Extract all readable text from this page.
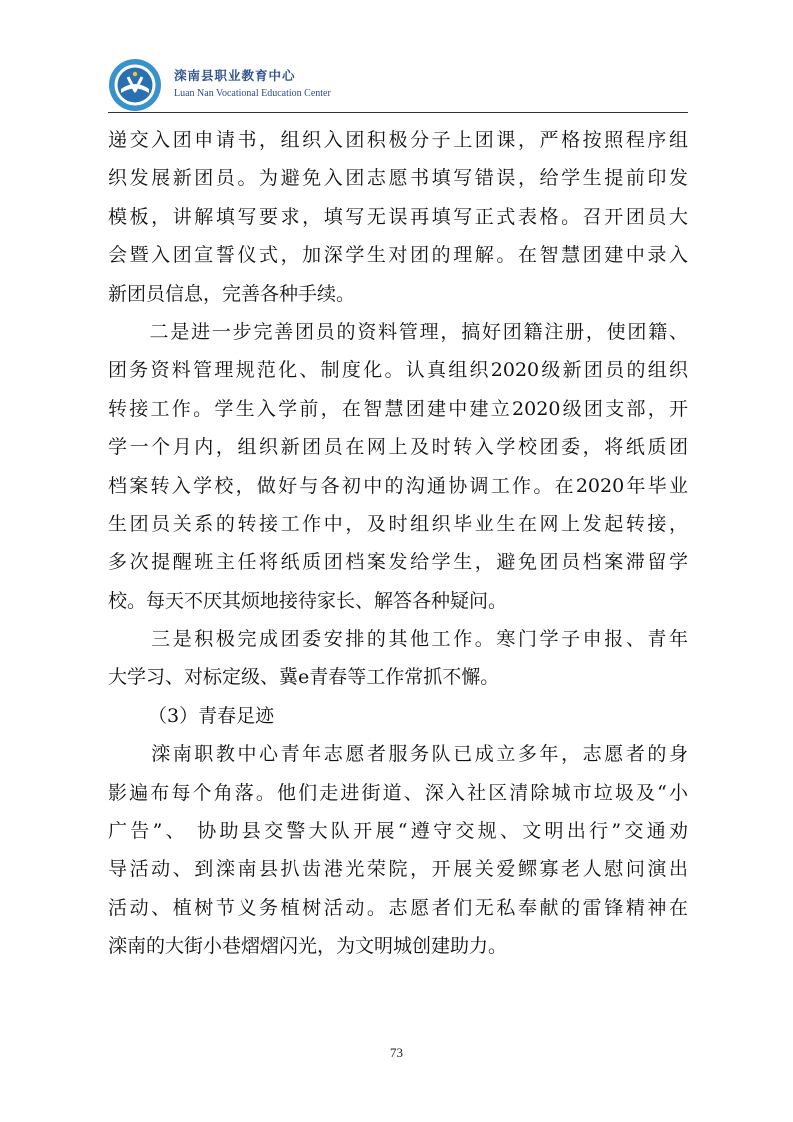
滦南县职业教育中心
Luan Nan Vocational Education Center
递交入团申请书，组织入团积极分子上团课，严格按照程序组
织发展新团员。为避免入团志愿书填写错误，给学生提前印发
模板，讲解填写要求，填写无误再填写正式表格。召开团员大
会暨入团宣誓仪式，加深学生对团的理解。在智慧团建中录入
新团员信息，完善各种手续。
　　二是进一步完善团员的资料管理，搞好团籍注册，使团籍、
团务资料管理规范化、制度化。认真组织2020级新团员的组织
转接工作。学生入学前，在智慧团建中建立2020级团支部，开
学一个月内，组织新团员在网上及时转入学校团委，将纸质团
档案转入学校，做好与各初中的沟通协调工作。在2020年毕业
生团员关系的转接工作中，及时组织毕业生在网上发起转接，
多次提醒班主任将纸质团档案发给学生，避免团员档案滞留学
校。每天不厌其烦地接待家长、解答各种疑问。
　　三是积极完成团委安排的其他工作。寒门学子申报、青年
大学习、对标定级、冀e青春等工作常抓不懈。
（3）青春足迹
　　滦南职教中心青年志愿者服务队已成立多年，志愿者的身
影遍布每个角落。他们走进街道、深入社区清除城市垃圾及“小
广告”、 协助县交警大队开展“遵守交规、文明出行”交通劝
导活动、到滦南县扒齿港光荣院，开展关爱鳏寡老人慰问演出
活动、植树节义务植树活动。志愿者们无私奉献的雷锋精神在
滦南的大街小巷熠熠闪光，为文明城创建助力。
73
